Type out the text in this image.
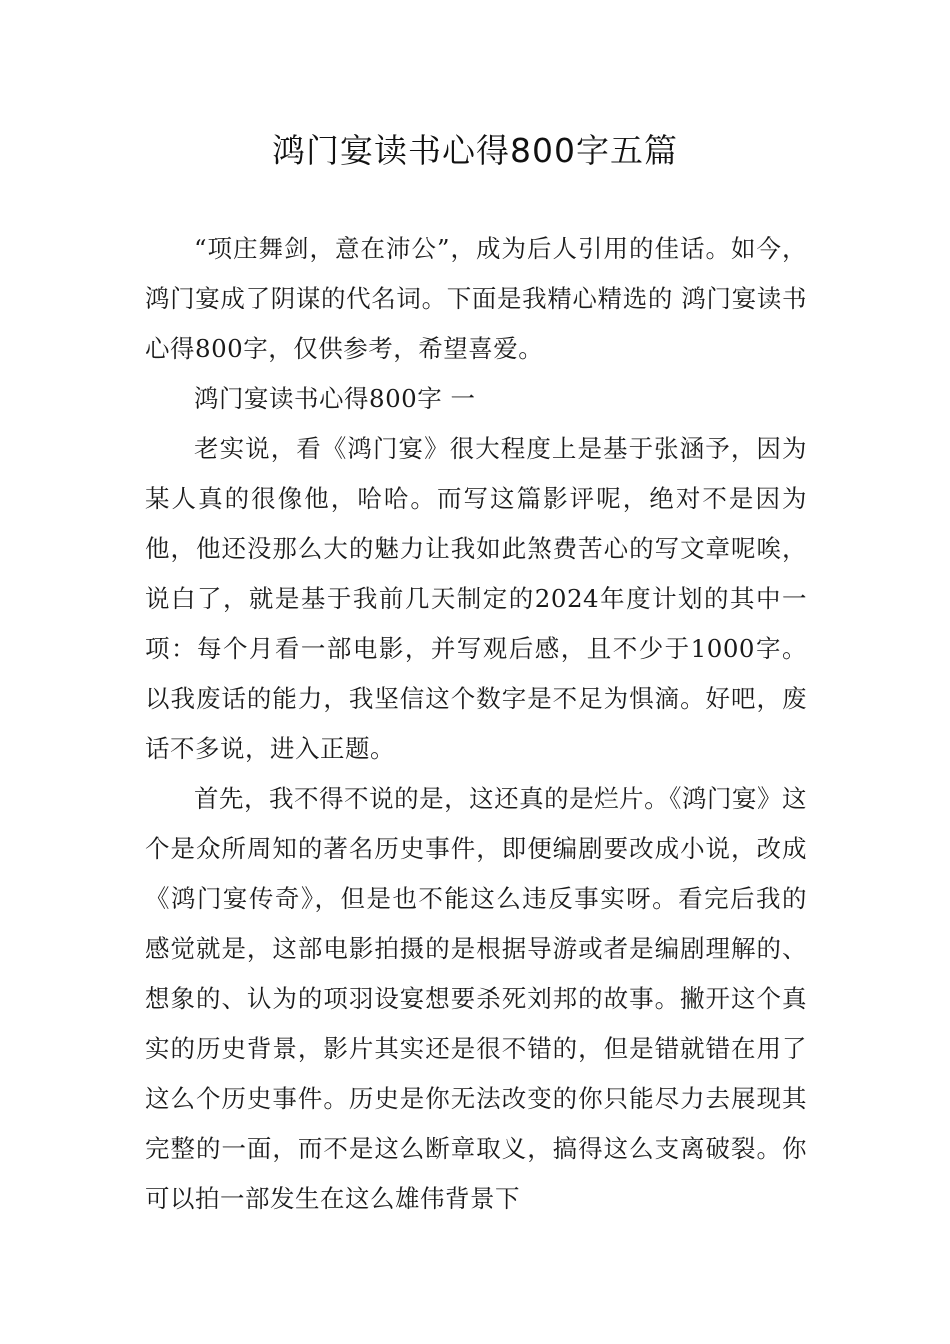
鸿门宴读书心得800字五篇

“项庄舞剑，意在沛公”，成为后人引用的佳话。如今，鸿门宴成了阴谋的代名词。下面是我精心精选的 鸿门宴读书心得800字，仅供参考，希望喜爱。

鸿门宴读书心得800字 一

老实说，看《鸿门宴》很大程度上是基于张涵予，因为某人真的很像他，哈哈。而写这篇影评呢，绝对不是因为他，他还没那么大的魅力让我如此煞费苦心的写文章呢唉，说白了，就是基于我前几天制定的2024年度计划的其中一项：每个月看一部电影，并写观后感，且不少于1000字。以我废话的能力，我坚信这个数字是不足为惧滴。好吧，废话不多说，进入正题。

首先，我不得不说的是，这还真的是烂片。《鸿门宴》这个是众所周知的著名历史事件，即便编剧要改成小说，改成《鸿门宴传奇》，但是也不能这么违反事实呀。看完后我的感觉就是，这部电影拍摄的是根据导游或者是编剧理解的、想象的、认为的项羽设宴想要杀死刘邦的故事。撇开这个真实的历史背景，影片其实还是很不错的，但是错就错在用了这么个历史事件。历史是你无法改变的你只能尽力去展现其完整的一面，而不是这么断章取义，搞得这么支离破裂。你可以拍一部发生在这么雄伟背景下
